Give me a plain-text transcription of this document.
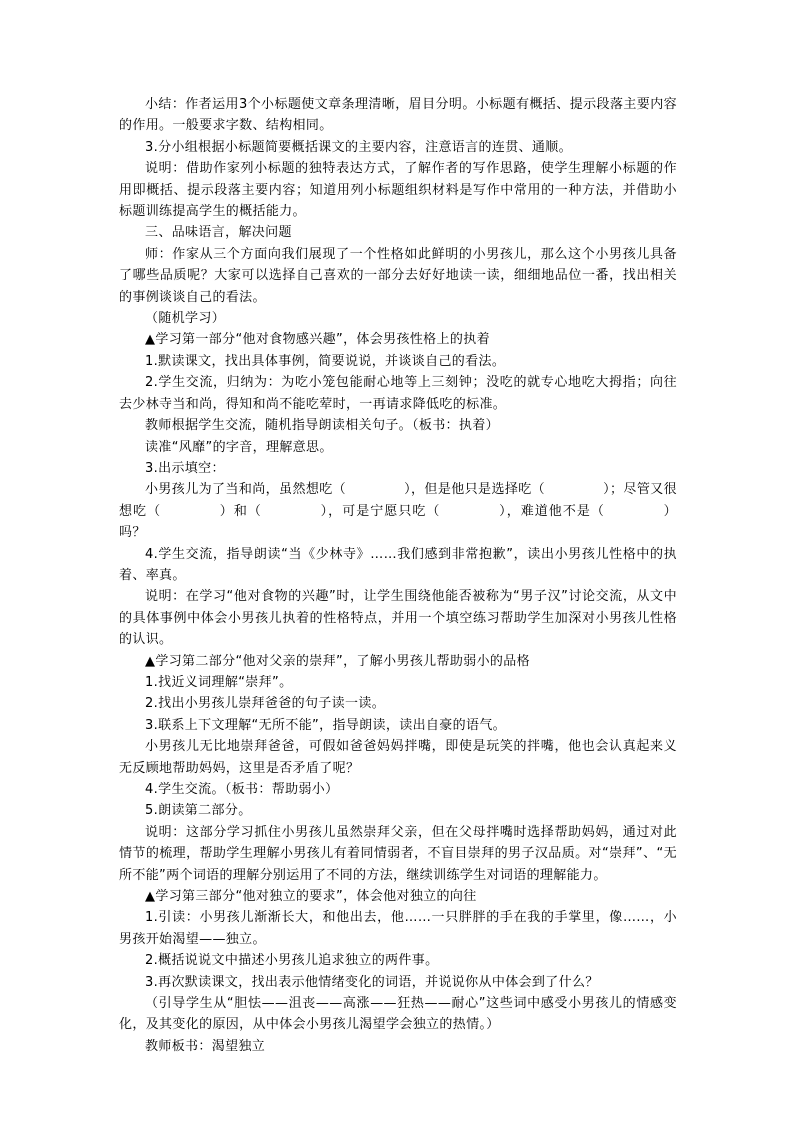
小结：作者运用3个小标题使文章条理清晰，眉目分明。小标题有概括、提示段落主要内容的作用。一般要求字数、结构相同。

3.分小组根据小标题简要概括课文的主要内容，注意语言的连贯、通顺。

说明：借助作家列小标题的独特表达方式，了解作者的写作思路，使学生理解小标题的作用即概括、提示段落主要内容；知道用列小标题组织材料是写作中常用的一种方法，并借助小标题训练提高学生的概括能力。

三、品味语言，解决问题

师：作家从三个方面向我们展现了一个性格如此鲜明的小男孩儿，那么这个小男孩儿具备了哪些品质呢？大家可以选择自己喜欢的一部分去好好地读一读，细细地品位一番，找出相关的事例谈谈自己的看法。

（随机学习）

▲学习第一部分“他对食物感兴趣”，体会男孩性格上的执着

1.默读课文，找出具体事例，简要说说，并谈谈自己的看法。

2.学生交流，归纳为：为吃小笼包能耐心地等上三刻钟；没吃的就专心地吃大拇指；向往去少林寺当和尚，得知和尚不能吃荤时，一再请求降低吃的标准。

教师根据学生交流，随机指导朗读相关句子。（板书：执着）

读准“风靡”的字音，理解意思。

3.出示填空：

小男孩儿为了当和尚，虽然想吃（	），但是他只是选择吃（	）；尽管又很想吃（	）和（	），可是宁愿只吃（	），难道他不是（	）吗？

4.学生交流，指导朗读“当《少林寺》……我们感到非常抱歉”，读出小男孩儿性格中的执着、率真。

说明：在学习“他对食物的兴趣”时，让学生围绕他能否被称为“男子汉”讨论交流，从文中的具体事例中体会小男孩儿执着的性格特点，并用一个填空练习帮助学生加深对小男孩儿性格的认识。

▲学习第二部分“他对父亲的崇拜”，了解小男孩儿帮助弱小的品格

1.找近义词理解“崇拜”。

2.找出小男孩儿崇拜爸爸的句子读一读。

3.联系上下文理解“无所不能”，指导朗读，读出自豪的语气。

小男孩儿无比地崇拜爸爸，可假如爸爸妈妈拌嘴，即使是玩笑的拌嘴，他也会认真起来义无反顾地帮助妈妈，这里是否矛盾了呢？

4.学生交流。（板书：帮助弱小）

5.朗读第二部分。

说明：这部分学习抓住小男孩儿虽然崇拜父亲，但在父母拌嘴时选择帮助妈妈，通过对此情节的梳理，帮助学生理解小男孩儿有着同情弱者，不盲目崇拜的男子汉品质。对“崇拜”、“无所不能”两个词语的理解分别运用了不同的方法，继续训练学生对词语的理解能力。

▲学习第三部分“他对独立的要求”，体会他对独立的向往

1.引读：小男孩儿渐渐长大，和他出去，他……一只胖胖的手在我的手掌里，像……，小男孩开始渴望——独立。

2.概括说说文中描述小男孩儿追求独立的两件事。

3.再次默读课文，找出表示他情绪变化的词语，并说说你从中体会到了什么？

（引导学生从“胆怯——沮丧——高涨——狂热——耐心”这些词中感受小男孩儿的情感变化，及其变化的原因，从中体会小男孩儿渴望学会独立的热情。）

教师板书：渴望独立
